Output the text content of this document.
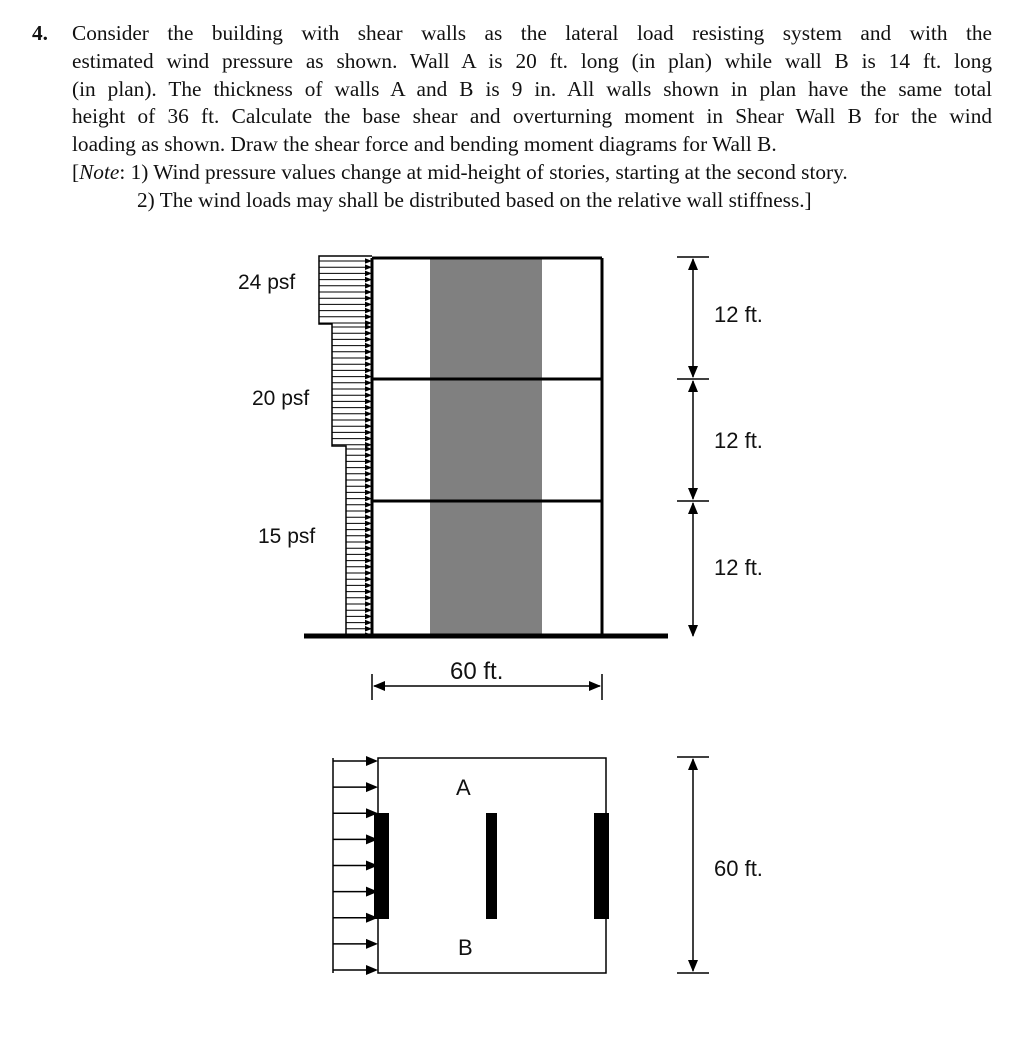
4. Consider the building with shear walls as the lateral load resisting system and with the
estimated wind pressure as shown. Wall A is 20 ft. long (in plan) while wall B is 14 ft. long
(in plan). The thickness of walls A and B is 9 in. All walls shown in plan have the same total
height of 36 ft. Calculate the base shear and overturning moment in Shear Wall B for the wind
loading as shown. Draw the shear force and bending moment diagrams for Wall B.
[Note: 1) Wind pressure values change at mid-height of stories, starting at the second story.
2) The wind loads may shall be distributed based on the relative wall stiffness.]
24 psf
20 psf
15 psf
12 ft.
12 ft.
12 ft.
60 ft.
A
B
60 ft.
